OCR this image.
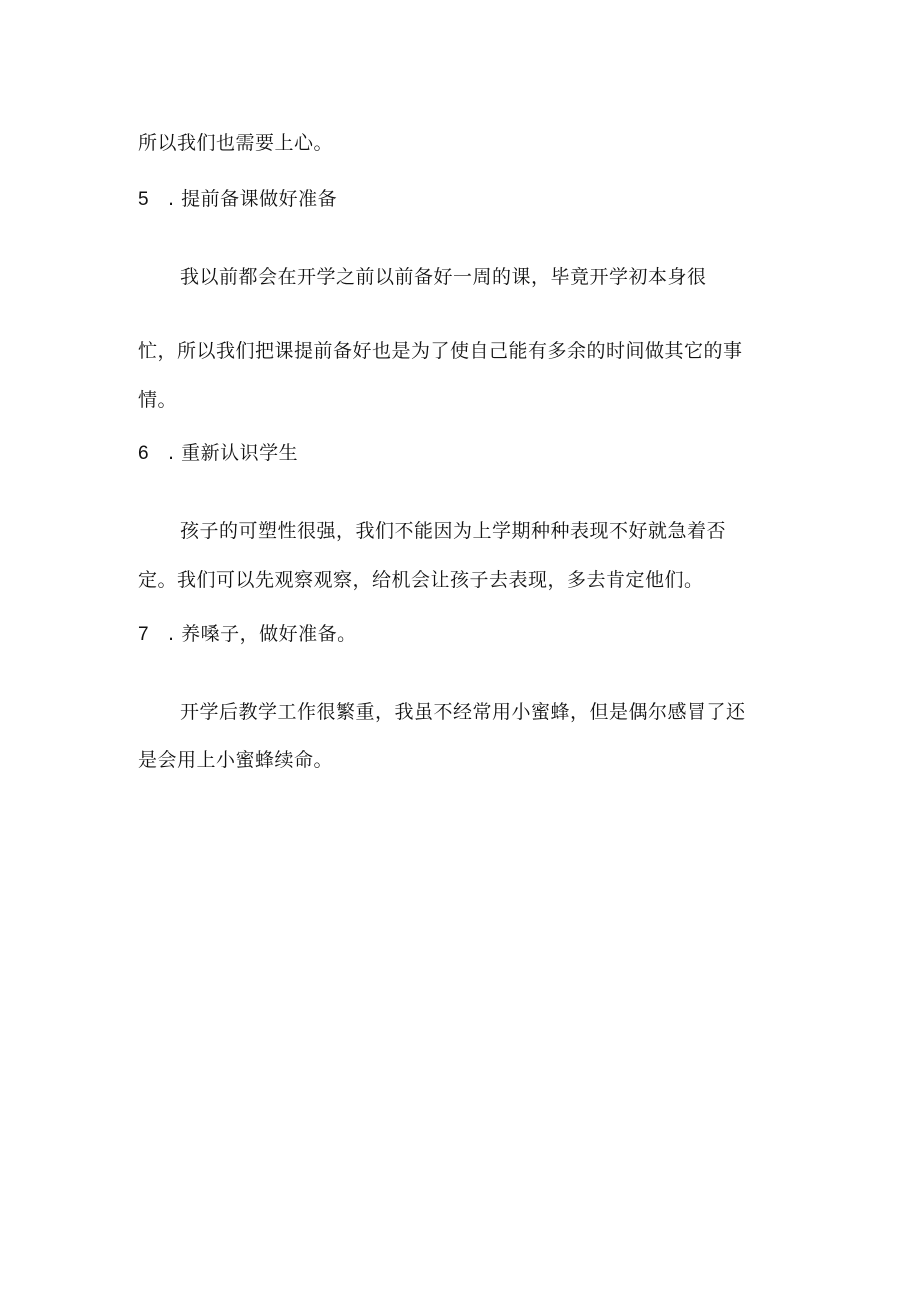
所以我们也需要上心。
5 . 提前备课做好准备
我以前都会在开学之前以前备好一周的课，毕竟开学初本身很
忙，所以我们把课提前备好也是为了使自己能有多余的时间做其它的事
情。
6 . 重新认识学生
孩子的可塑性很强，我们不能因为上学期种种表现不好就急着否
定。我们可以先观察观察，给机会让孩子去表现，多去肯定他们。
7 . 养嗓子，做好准备。
开学后教学工作很繁重，我虽不经常用小蜜蜂，但是偶尔感冒了还
是会用上小蜜蜂续命。
